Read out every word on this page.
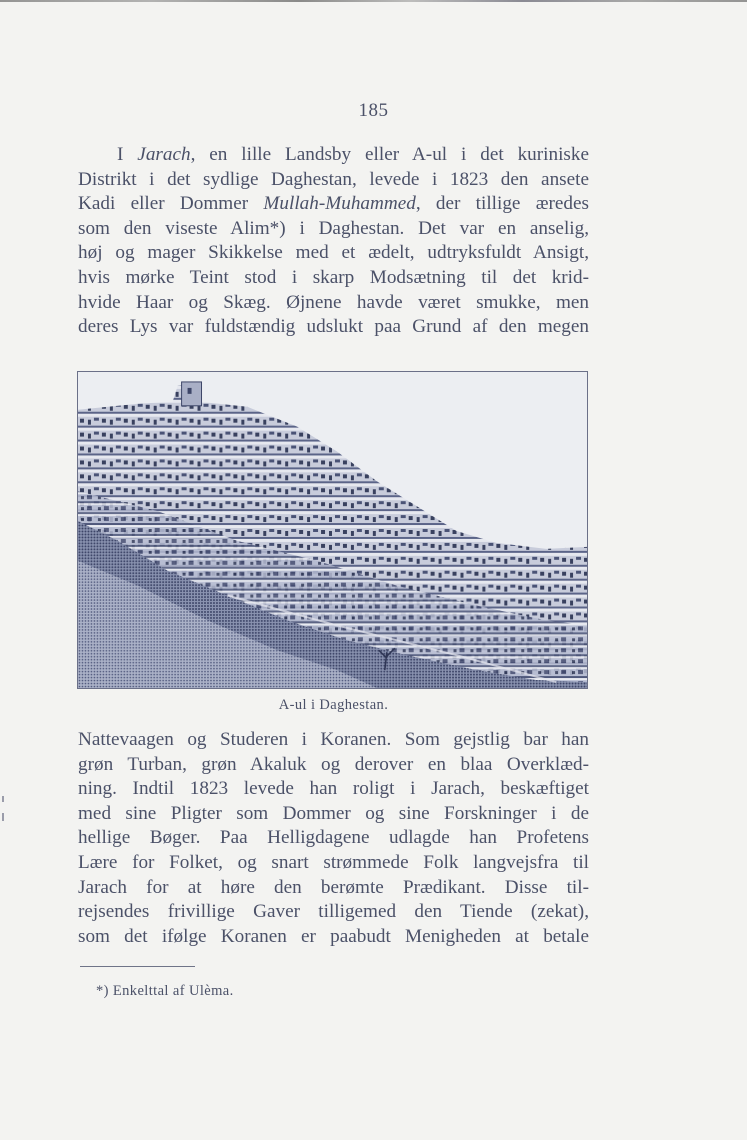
185
I Jarach, en lille Landsby eller A-ul i det kuriniske
Distrikt i det sydlige Daghestan, levede i 1823 den ansete
Kadi eller Dommer Mullah-Muhammed, der tillige æredes
som den viseste Alim*) i Daghestan. Det var en anselig,
høj og mager Skikkelse med et ædelt, udtryksfuldt Ansigt,
hvis mørke Teint stod i skarp Modsætning til det krid-
hvide Haar og Skæg. Øjnene havde været smukke, men
deres Lys var fuldstændig udslukt paa Grund af den megen
A-ul i Daghestan.
Nattevaagen og Studeren i Koranen. Som gejstlig bar han
grøn Turban, grøn Akaluk og derover en blaa Overklæd-
ning. Indtil 1823 levede han roligt i Jarach, beskæftiget
med sine Pligter som Dommer og sine Forskninger i de
hellige Bøger. Paa Helligdagene udlagde han Profetens
Lære for Folket, og snart strømmede Folk langvejsfra til
Jarach for at høre den berømte Prædikant. Disse til-
rejsendes frivillige Gaver tilligemed den Tiende (zekat),
som det ifølge Koranen er paabudt Menigheden at betale
*) Enkelttal af Ulèma.
